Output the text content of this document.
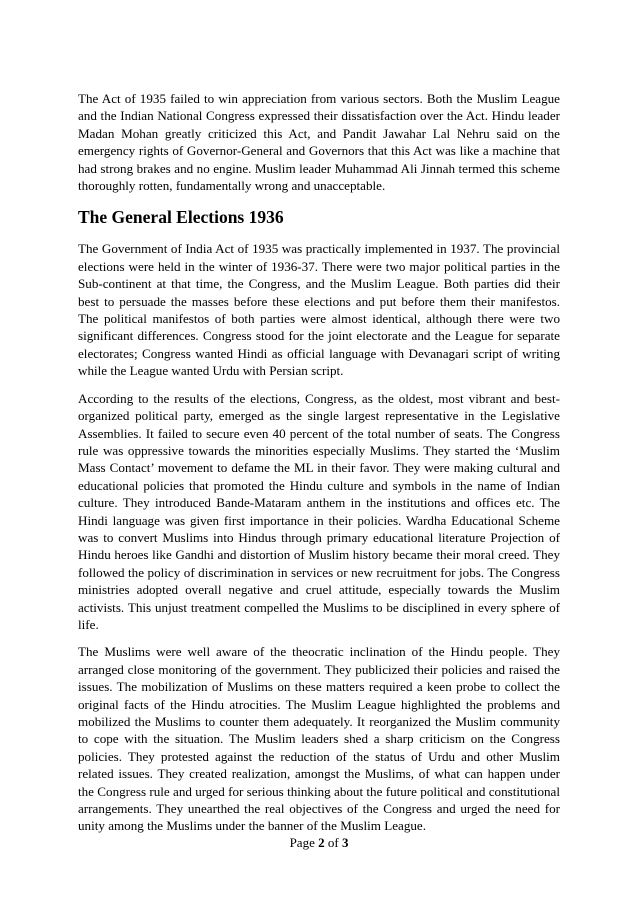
The Act of 1935 failed to win appreciation from various sectors. Both the Muslim League and the Indian National Congress expressed their dissatisfaction over the Act. Hindu leader Madan Mohan greatly criticized this Act, and Pandit Jawahar Lal Nehru said on the emergency rights of Governor-General and Governors that this Act was like a machine that had strong brakes and no engine. Muslim leader Muhammad Ali Jinnah termed this scheme thoroughly rotten, fundamentally wrong and unacceptable.

The General Elections 1936

The Government of India Act of 1935 was practically implemented in 1937. The provincial elections were held in the winter of 1936-37. There were two major political parties in the Sub-continent at that time, the Congress, and the Muslim League. Both parties did their best to persuade the masses before these elections and put before them their manifestos. The political manifestos of both parties were almost identical, although there were two significant differences. Congress stood for the joint electorate and the League for separate electorates; Congress wanted Hindi as official language with Devanagari script of writing while the League wanted Urdu with Persian script.

According to the results of the elections, Congress, as the oldest, most vibrant and best-organized political party, emerged as the single largest representative in the Legislative Assemblies. It failed to secure even 40 percent of the total number of seats. The Congress rule was oppressive towards the minorities especially Muslims. They started the ‘Muslim Mass Contact’ movement to defame the ML in their favor. They were making cultural and educational policies that promoted the Hindu culture and symbols in the name of Indian culture. They introduced Bande-Mataram anthem in the institutions and offices etc. The Hindi language was given first importance in their policies. Wardha Educational Scheme was to convert Muslims into Hindus through primary educational literature Projection of Hindu heroes like Gandhi and distortion of Muslim history became their moral creed. They followed the policy of discrimination in services or new recruitment for jobs. The Congress ministries adopted overall negative and cruel attitude, especially towards the Muslim activists. This unjust treatment compelled the Muslims to be disciplined in every sphere of life.

The Muslims were well aware of the theocratic inclination of the Hindu people. They arranged close monitoring of the government. They publicized their policies and raised the issues. The mobilization of Muslims on these matters required a keen probe to collect the original facts of the Hindu atrocities. The Muslim League highlighted the problems and mobilized the Muslims to counter them adequately. It reorganized the Muslim community to cope with the situation. The Muslim leaders shed a sharp criticism on the Congress policies. They protested against the reduction of the status of Urdu and other Muslim related issues. They created realization, amongst the Muslims, of what can happen under the Congress rule and urged for serious thinking about the future political and constitutional arrangements. They unearthed the real objectives of the Congress and urged the need for unity among the Muslims under the banner of the Muslim League.

Page 2 of 3
